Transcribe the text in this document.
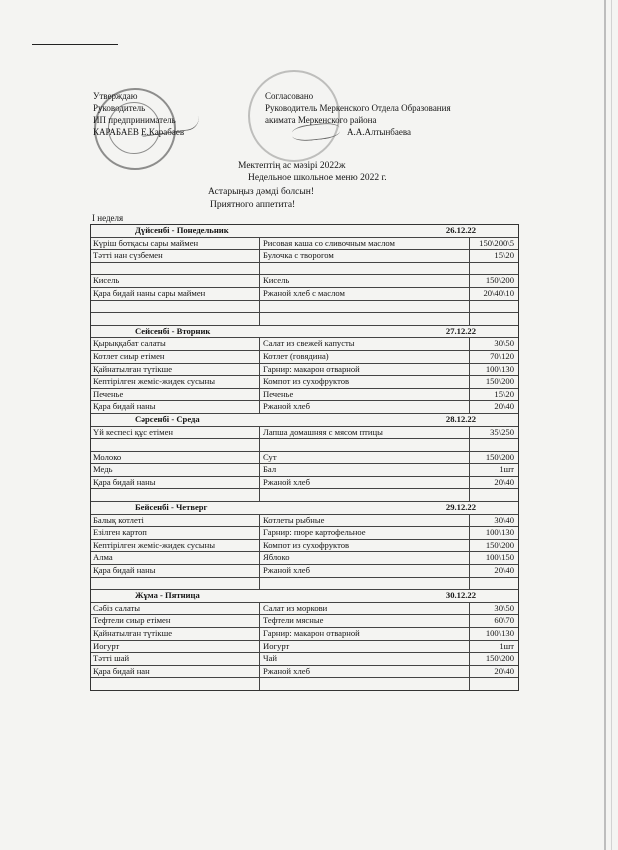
Утверждаю
Руководитель
ИП предприниматель
КАРАБАЕВ Е.Карабаев
Согласовано
Руководитель Меркенского Отдела Образования
акимата Меркенского района
А.А.Алтынбаева
Мектептің ас мәзірі 2022ж
Недельное школьное меню 2022 г.
Астарыңыз дәмді болсын!
Приятного аппетита!
I неделя
Дүйсенбі - Понедельник	26.12.22
Күріш ботқасы сары маймен	Рисовая каша со сливочным маслом	150\200\5
Тәтті нан сүзбемен	Булочка с творогом	15\20
Кисель	Кисель	150\200
Қара бидай наны сары маймен	Ржаной хлеб с маслом	20\40\10
Сейсенбі - Вторник	27.12.22
Қырыққабат салаты	Салат из свежей капусты	30\50
Котлет сиыр етімен	Котлет (говядина)	70\120
Қайнатылған түтікше	Гарнир: макарон отварной	100\130
Кептірілген жеміс-жидек сусыны	Компот из сухофруктов	150\200
Печенье	Печенье	15\20
Қара бидай наны	Ржаной хлеб	20\40
Сәрсенбі - Среда	28.12.22
Үй кеспесі құс етімен	Лапша домашняя с мясом птицы	35\250
Молоко	Сут	150\200
Медь	Бал	1шт
Қара бидай наны	Ржаной хлеб	20\40
Бейсенбі - Четверг	29.12.22
Балық котлеті	Котлеты рыбные	30\40
Езілген картоп	Гарнир: пюре картофельное	100\130
Кептірілген жеміс-жидек сусыны	Компот из сухофруктов	150\200
Алма	Яблоко	100\150
Қара бидай наны	Ржаной хлеб	20\40
Жұма - Пятница	30.12.22
Сәбіз салаты	Салат из моркови	30\50
Тефтели сиыр етімен	Тефтели мясные	60\70
Қайнатылған түтікше	Гарнир: макарон отварной	100\130
Иогурт	Иогурт	1шт
Тәтті шай	Чай	150\200
Қара бидай нан	Ржаной хлеб	20\40
